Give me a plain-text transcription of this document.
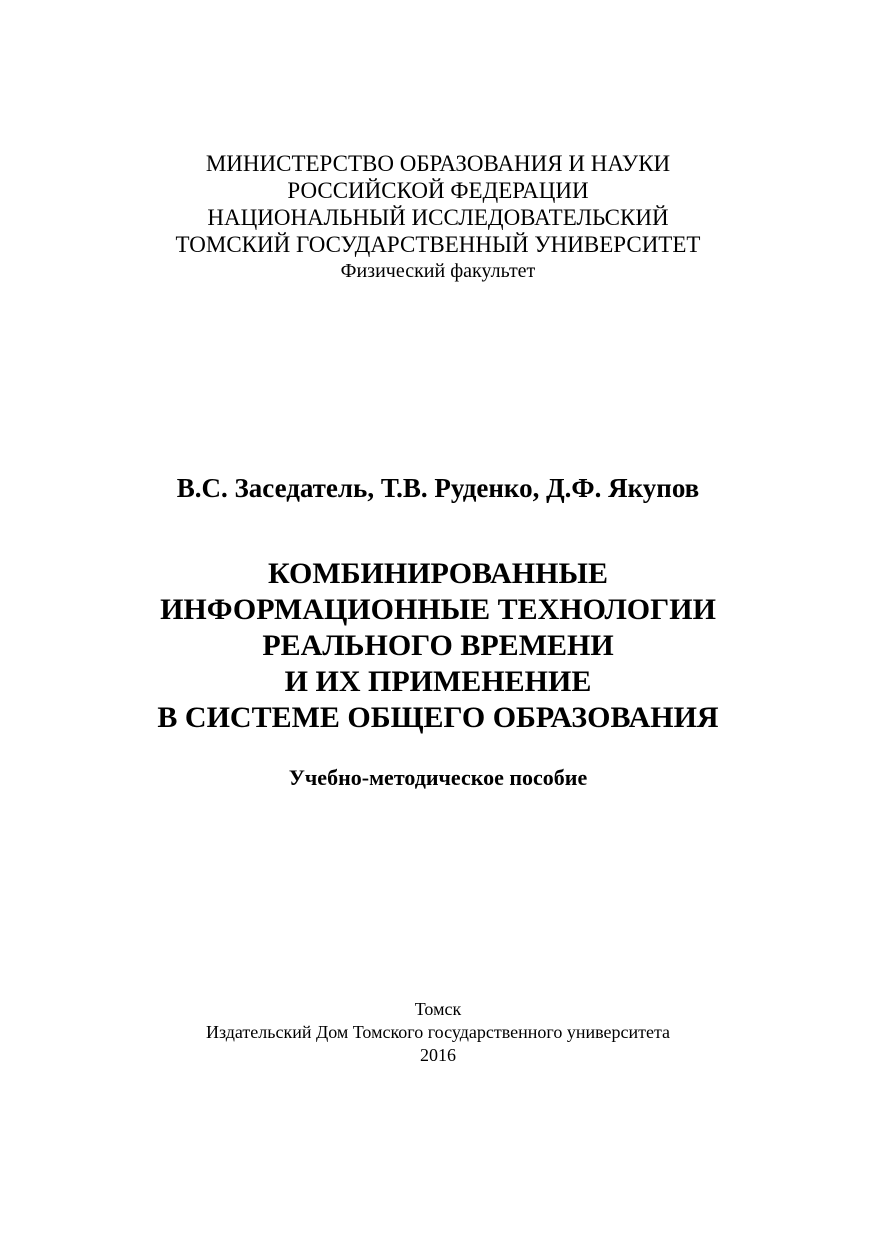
МИНИСТЕРСТВО ОБРАЗОВАНИЯ И НАУКИ
РОССИЙСКОЙ ФЕДЕРАЦИИ
НАЦИОНАЛЬНЫЙ ИССЛЕДОВАТЕЛЬСКИЙ
ТОМСКИЙ ГОСУДАРСТВЕННЫЙ УНИВЕРСИТЕТ
Физический факультет
В.С. Заседатель, Т.В. Руденко, Д.Ф. Якупов
КОМБИНИРОВАННЫЕ
ИНФОРМАЦИОННЫЕ ТЕХНОЛОГИИ
РЕАЛЬНОГО ВРЕМЕНИ
И ИХ ПРИМЕНЕНИЕ
В СИСТЕМЕ ОБЩЕГО ОБРАЗОВАНИЯ
Учебно-методическое пособие
Томск
Издательский Дом Томского государственного университета
2016
